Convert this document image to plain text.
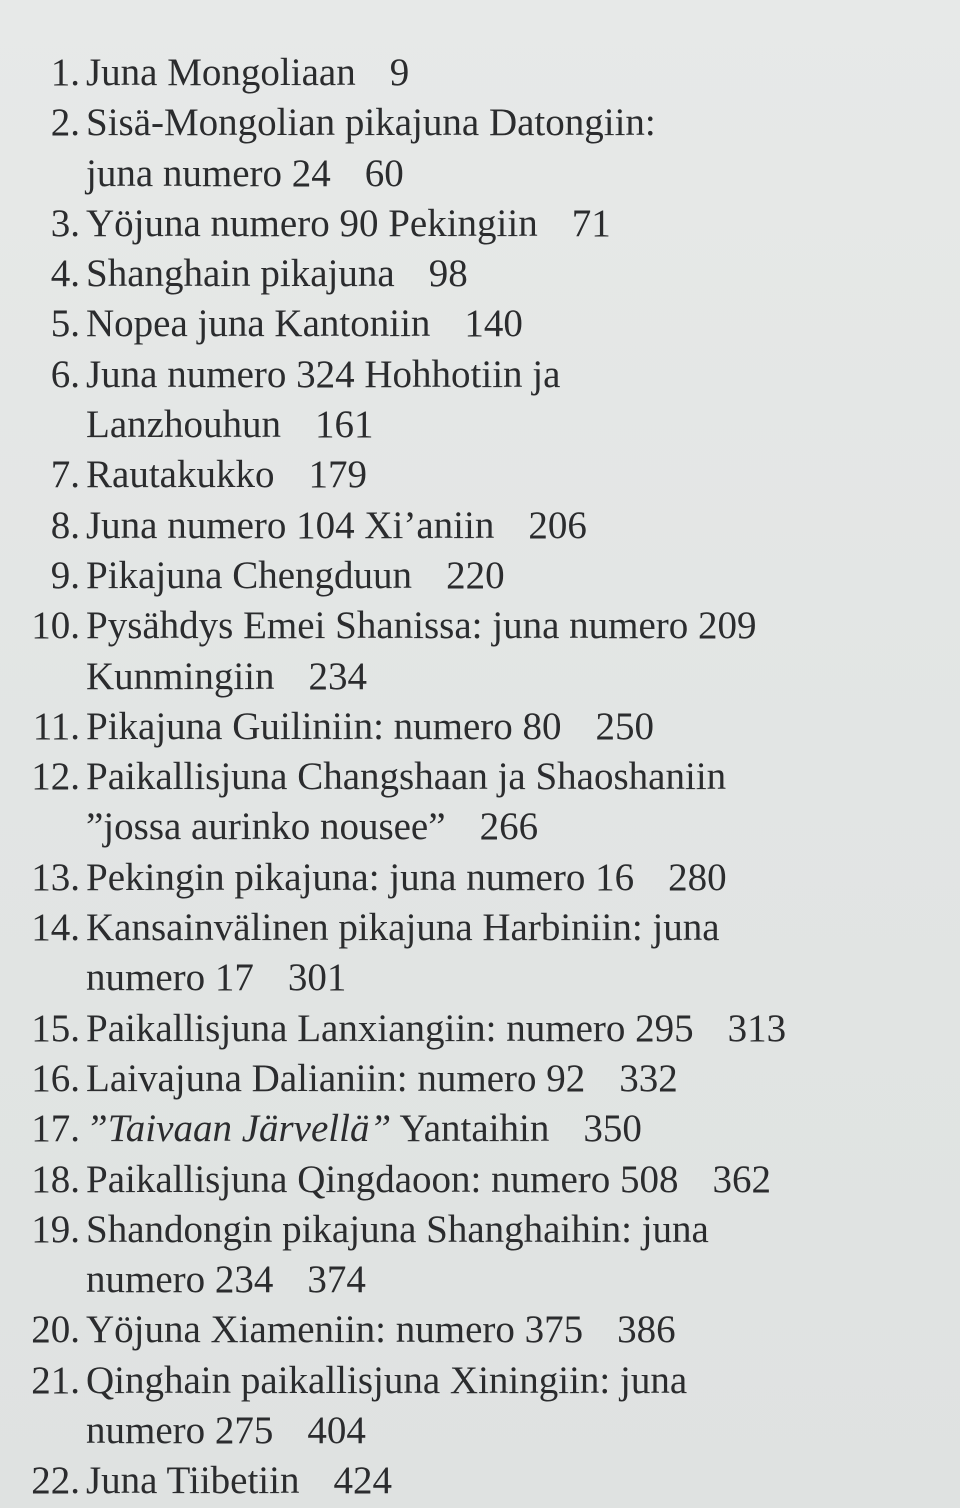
1. Juna Mongoliaan 9
2. Sisä-Mongolian pikajuna Datongiin:
juna numero 24 60
3. Yöjuna numero 90 Pekingiin 71
4. Shanghain pikajuna 98
5. Nopea juna Kantoniin 140
6. Juna numero 324 Hohhotiin ja
Lanzhouhun 161
7. Rautakukko 179
8. Juna numero 104 Xi’aniin 206
9. Pikajuna Chengduun 220
10. Pysähdys Emei Shanissa: juna numero 209
Kunmingiin 234
11. Pikajuna Guiliniin: numero 80 250
12. Paikallisjuna Changshaan ja Shaoshaniin
”jossa aurinko nousee” 266
13. Pekingin pikajuna: juna numero 16 280
14. Kansainvälinen pikajuna Harbiniin: juna
numero 17 301
15. Paikallisjuna Lanxiangiin: numero 295 313
16. Laivajuna Dalianiin: numero 92 332
17. ”Taivaan Järvellä” Yantaihin 350
18. Paikallisjuna Qingdaoon: numero 508 362
19. Shandongin pikajuna Shanghaihin: juna
numero 234 374
20. Yöjuna Xiameniin: numero 375 386
21. Qinghain paikallisjuna Xiningiin: juna
numero 275 404
22. Juna Tiibetiin 424
